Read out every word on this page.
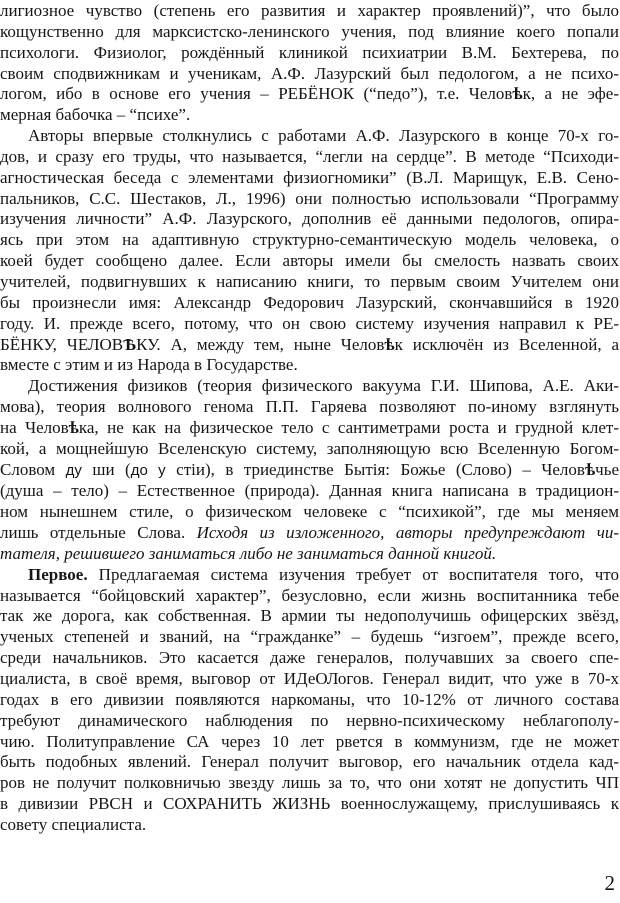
лигиозное чувство (степень его развития и характер проявлений)”, что было
кощунственно для марксистско-ленинского учения, под влияние коего попали
психологи. Физиолог, рождённый клиникой психиатрии В.М. Бехтерева, по
своим сподвижникам и ученикам, А.Ф. Лазурский был педологом, а не психо-
логом, ибо в основе его учения – РЕБЁНОК (“педо”), т.е. Человѣк, а не эфе-
мерная бабочка – “психе”.
Авторы впервые столкнулись с работами А.Ф. Лазурского в конце 70-х го-
дов, и сразу его труды, что называется, “легли на сердце”. В методе “Психоди-
агностическая беседа с элементами физиогномики” (В.Л. Марищук, Е.В. Сено-
пальников, С.С. Шестаков, Л., 1996) они полностью использовали “Программу
изучения личности” А.Ф. Лазурского, дополнив её данными педологов, опира-
ясь при этом на адаптивную структурно-семантическую модель человека, о
коей будет сообщено далее. Если авторы имели бы смелость назвать своих
учителей, подвигнувших к написанию книги, то первым своим Учителем они
бы произнесли имя: Александр Федорович Лазурский, скончавшийся в 1920
году. И. прежде всего, потому, что он свою систему изучения направил к РЕ-
БЁНКУ, ЧЕЛОВѢКУ. А, между тем, ныне Человѣк исключён из Вселенной, а
вместе с этим и из Народа в Государстве.
Достижения физиков (теория физического вакуума Г.И. Шипова, А.Е. Аки-
мова), теория волнового генома П.П. Гаряева позволяют по-иному взглянуть
на Человѣка, не как на физическое тело с сантиметрами роста и грудной клет-
кой, а мощнейшую Вселенскую систему, заполняющую всю Вселенную Богом-
Словом ду ши (до у стіи), в триединстве Бытія: Божье (Слово) – Человѣчье
(душа – тело) – Естественное (природа). Данная книга написана в традицион-
ном нынешнем стиле, о физическом человеке с “психикой”, где мы меняем
лишь отдельные Слова. Исходя из изложенного, авторы предупреждают чи-
тателя, решившего заниматься либо не заниматься данной книгой.
Первое. Предлагаемая система изучения требует от воспитателя того, что
называется “бойцовский характер”, безусловно, если жизнь воспитанника тебе
так же дорога, как собственная. В армии ты недополучишь офицерских звёзд,
ученых степеней и званий, на “гражданке” – будешь “изгоем”, прежде всего,
среди начальников. Это касается даже генералов, получавших за своего спе-
циалиста, в своё время, выговор от ИДеОЛогов. Генерал видит, что уже в 70-х
годах в его дивизии появляются наркоманы, что 10-12% от личного состава
требуют динамического наблюдения по нервно-психическому неблагополу-
чию. Политуправление СА через 10 лет рвется в коммунизм, где не может
быть подобных явлений. Генерал получит выговор, его начальник отдела кад-
ров не получит полковничью звезду лишь за то, что они хотят не допустить ЧП
в дивизии РВСН и СОХРАНИТЬ ЖИЗНЬ военнослужащему, прислушиваясь к
совету специалиста.
2
